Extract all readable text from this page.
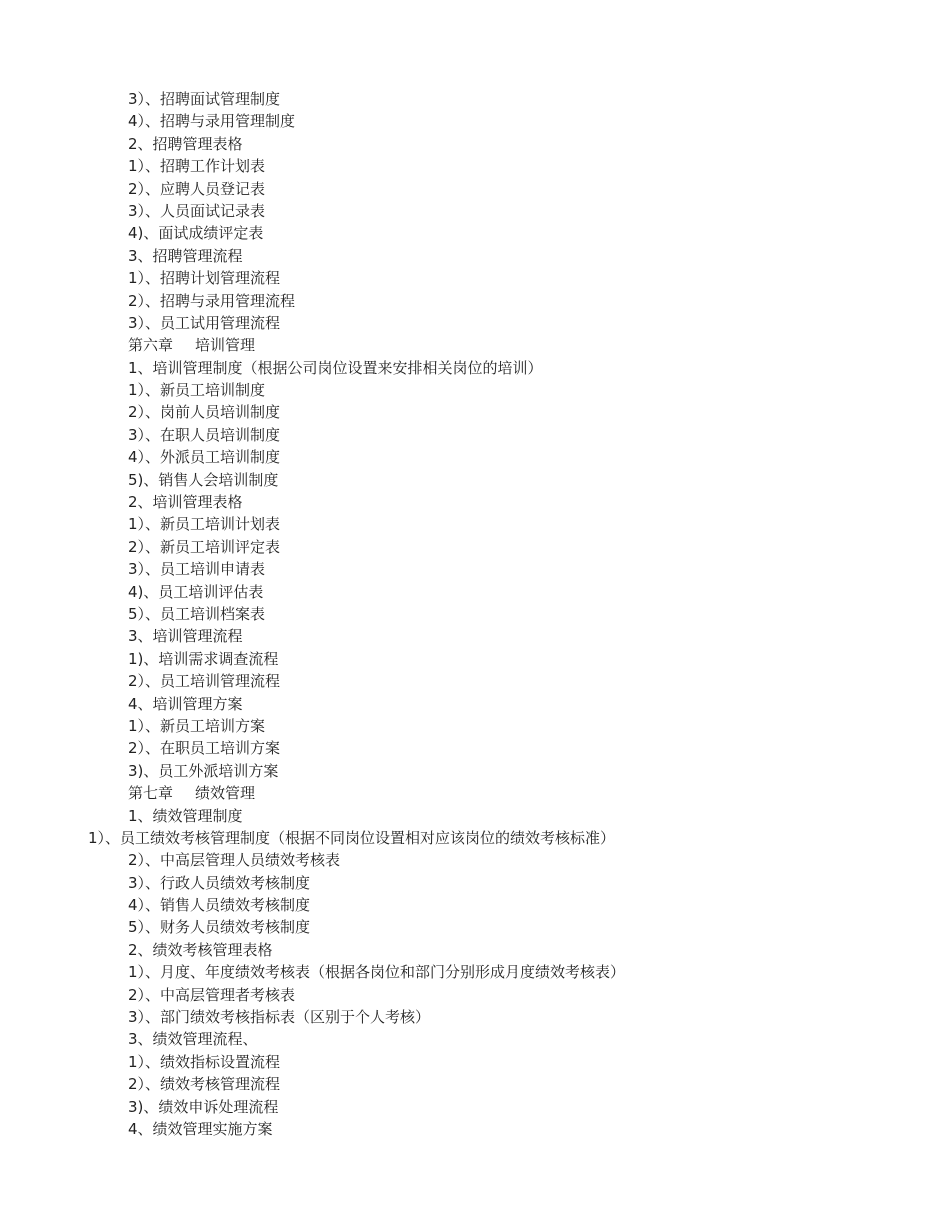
3）、招聘面试管理制度
4）、招聘与录用管理制度
2、招聘管理表格
1）、招聘工作计划表
2）、应聘人员登记表
3）、人员面试记录表
4)、面试成绩评定表
3、招聘管理流程
1）、招聘计划管理流程
2）、招聘与录用管理流程
3）、员工试用管理流程
第六章 培训管理
1、培训管理制度（根据公司岗位设置来安排相关岗位的培训）
1）、新员工培训制度
2）、岗前人员培训制度
3）、在职人员培训制度
4）、外派员工培训制度
5)、销售人会培训制度
2、培训管理表格
1）、新员工培训计划表
2）、新员工培训评定表
3）、员工培训申请表
4)、员工培训评估表
5）、员工培训档案表
3、培训管理流程
1)、培训需求调查流程
2）、员工培训管理流程
4、培训管理方案
1）、新员工培训方案
2）、在职员工培训方案
3)、员工外派培训方案
第七章 绩效管理
1、绩效管理制度
1）、员工绩效考核管理制度（根据不同岗位设置相对应该岗位的绩效考核标准）
2）、中高层管理人员绩效考核表
3）、行政人员绩效考核制度
4）、销售人员绩效考核制度
5）、财务人员绩效考核制度
2、绩效考核管理表格
1）、月度、年度绩效考核表（根据各岗位和部门分别形成月度绩效考核表）
2）、中高层管理者考核表
3）、部门绩效考核指标表（区别于个人考核）
3、绩效管理流程、
1）、绩效指标设置流程
2）、绩效考核管理流程
3)、绩效申诉处理流程
4、绩效管理实施方案
